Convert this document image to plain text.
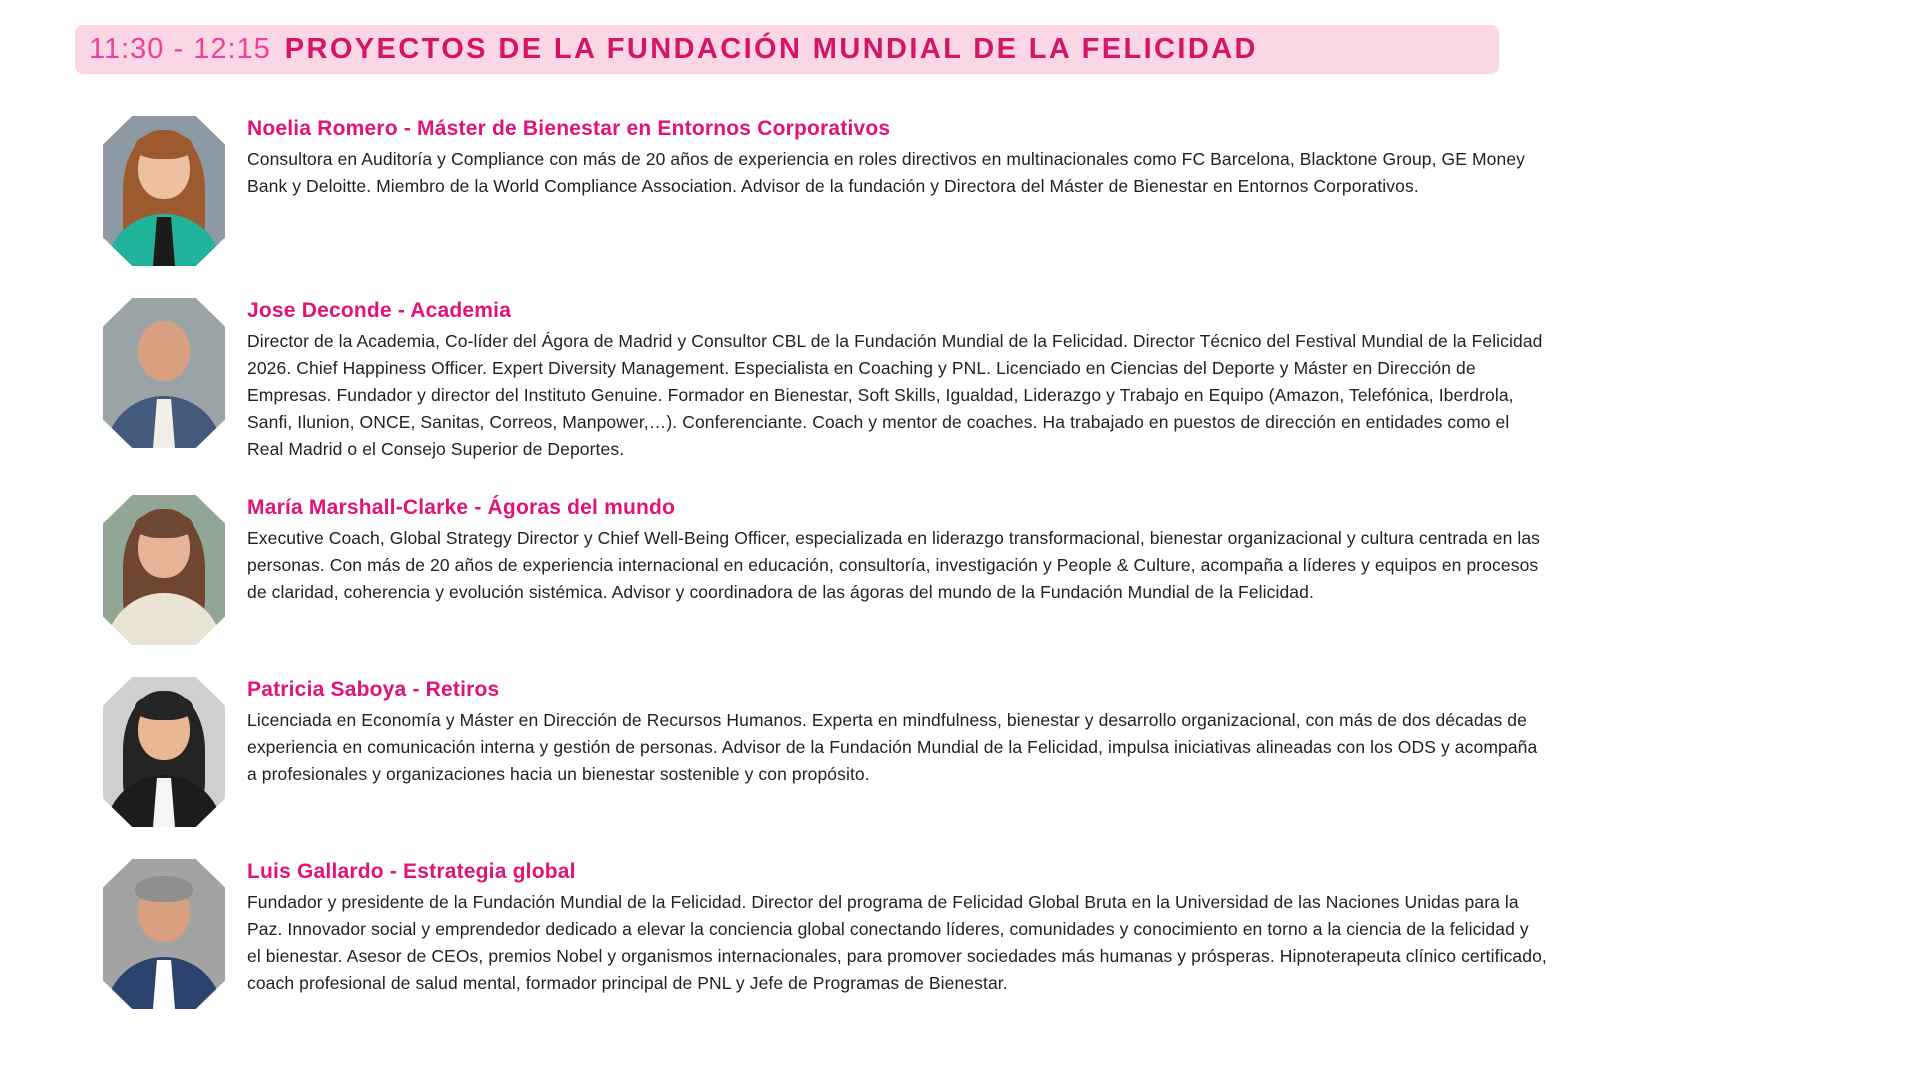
11:30 - 12:15 PROYECTOS DE LA FUNDACIÓN MUNDIAL DE LA FELICIDAD
Noelia Romero - Máster de Bienestar en Entornos Corporativos

Consultora en Auditoría y Compliance con más de 20 años de experiencia en roles directivos en multinacionales como FC Barcelona, Blacktone Group, GE Money Bank y Deloitte. Miembro de la World Compliance Association. Advisor de la fundación y Directora del Máster de Bienestar en Entornos Corporativos.

Jose Deconde - Academia

Director de la Academia, Co-líder del Ágora de Madrid y Consultor CBL de la Fundación Mundial de la Felicidad. Director Técnico del Festival Mundial de la Felicidad 2026. Chief Happiness Officer. Expert Diversity Management. Especialista en Coaching y PNL. Licenciado en Ciencias del Deporte y Máster en Dirección de Empresas. Fundador y director del Instituto Genuine. Formador en Bienestar, Soft Skills, Igualdad, Liderazgo y Trabajo en Equipo (Amazon, Telefónica, Iberdrola, Sanfi, Ilunion, ONCE, Sanitas, Correos, Manpower,…). Conferenciante. Coach y mentor de coaches. Ha trabajado en puestos de dirección en entidades como el Real Madrid o el Consejo Superior de Deportes.

María Marshall-Clarke - Ágoras del mundo

Executive Coach, Global Strategy Director y Chief Well-Being Officer, especializada en liderazgo transformacional, bienestar organizacional y cultura centrada en las personas. Con más de 20 años de experiencia internacional en educación, consultoría, investigación y People & Culture, acompaña a líderes y equipos en procesos de claridad, coherencia y evolución sistémica. Advisor y coordinadora de las ágoras del mundo de la Fundación Mundial de la Felicidad.

Patricia Saboya - Retiros

Licenciada en Economía y Máster en Dirección de Recursos Humanos. Experta en mindfulness, bienestar y desarrollo organizacional, con más de dos décadas de experiencia en comunicación interna y gestión de personas. Advisor de la Fundación Mundial de la Felicidad, impulsa iniciativas alineadas con los ODS y acompaña a profesionales y organizaciones hacia un bienestar sostenible y con propósito.

Luis Gallardo - Estrategia global

Fundador y presidente de la Fundación Mundial de la Felicidad. Director del programa de Felicidad Global Bruta en la Universidad de las Naciones Unidas para la Paz. Innovador social y emprendedor dedicado a elevar la conciencia global conectando líderes, comunidades y conocimiento en torno a la ciencia de la felicidad y el bienestar. Asesor de CEOs, premios Nobel y organismos internacionales, para promover sociedades más humanas y prósperas. Hipnoterapeuta clínico certificado, coach profesional de salud mental, formador principal de PNL y Jefe de Programas de Bienestar.
